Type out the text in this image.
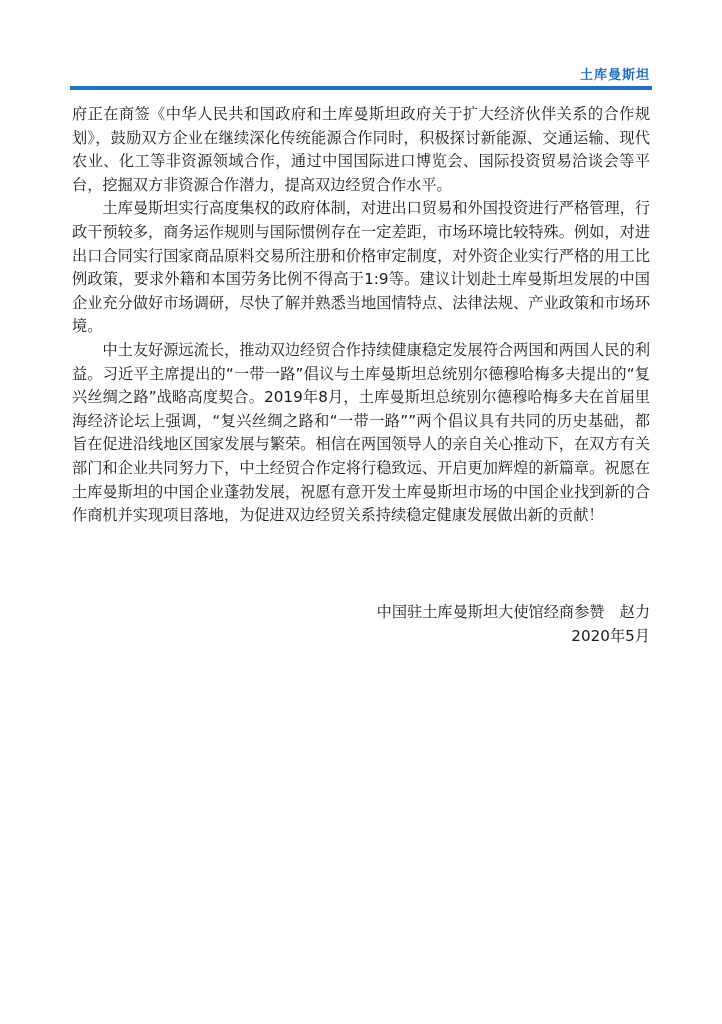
土库曼斯坦

府正在商签《中华人民共和国政府和土库曼斯坦政府关于扩大经济伙伴关系的合作规划》，鼓励双方企业在继续深化传统能源合作同时，积极探讨新能源、交通运输、现代农业、化工等非资源领域合作，通过中国国际进口博览会、国际投资贸易洽谈会等平台，挖掘双方非资源合作潜力，提高双边经贸合作水平。

土库曼斯坦实行高度集权的政府体制，对进出口贸易和外国投资进行严格管理，行政干预较多，商务运作规则与国际惯例存在一定差距，市场环境比较特殊。例如，对进出口合同实行国家商品原料交易所注册和价格审定制度，对外资企业实行严格的用工比例政策，要求外籍和本国劳务比例不得高于1:9等。建议计划赴土库曼斯坦发展的中国企业充分做好市场调研，尽快了解并熟悉当地国情特点、法律法规、产业政策和市场环境。

中土友好源远流长，推动双边经贸合作持续健康稳定发展符合两国和两国人民的利益。习近平主席提出的“一带一路”倡议与土库曼斯坦总统别尔德穆哈梅多夫提出的“复兴丝绸之路”战略高度契合。2019年8月，土库曼斯坦总统别尔德穆哈梅多夫在首届里海经济论坛上强调，“复兴丝绸之路和“一带一路””两个倡议具有共同的历史基础，都旨在促进沿线地区国家发展与繁荣。相信在两国领导人的亲自关心推动下，在双方有关部门和企业共同努力下，中土经贸合作定将行稳致远、开启更加辉煌的新篇章。祝愿在土库曼斯坦的中国企业蓬勃发展，祝愿有意开发土库曼斯坦市场的中国企业找到新的合作商机并实现项目落地，为促进双边经贸关系持续稳定健康发展做出新的贡献！

中国驻土库曼斯坦大使馆经商参赞　赵力
2020年5月
